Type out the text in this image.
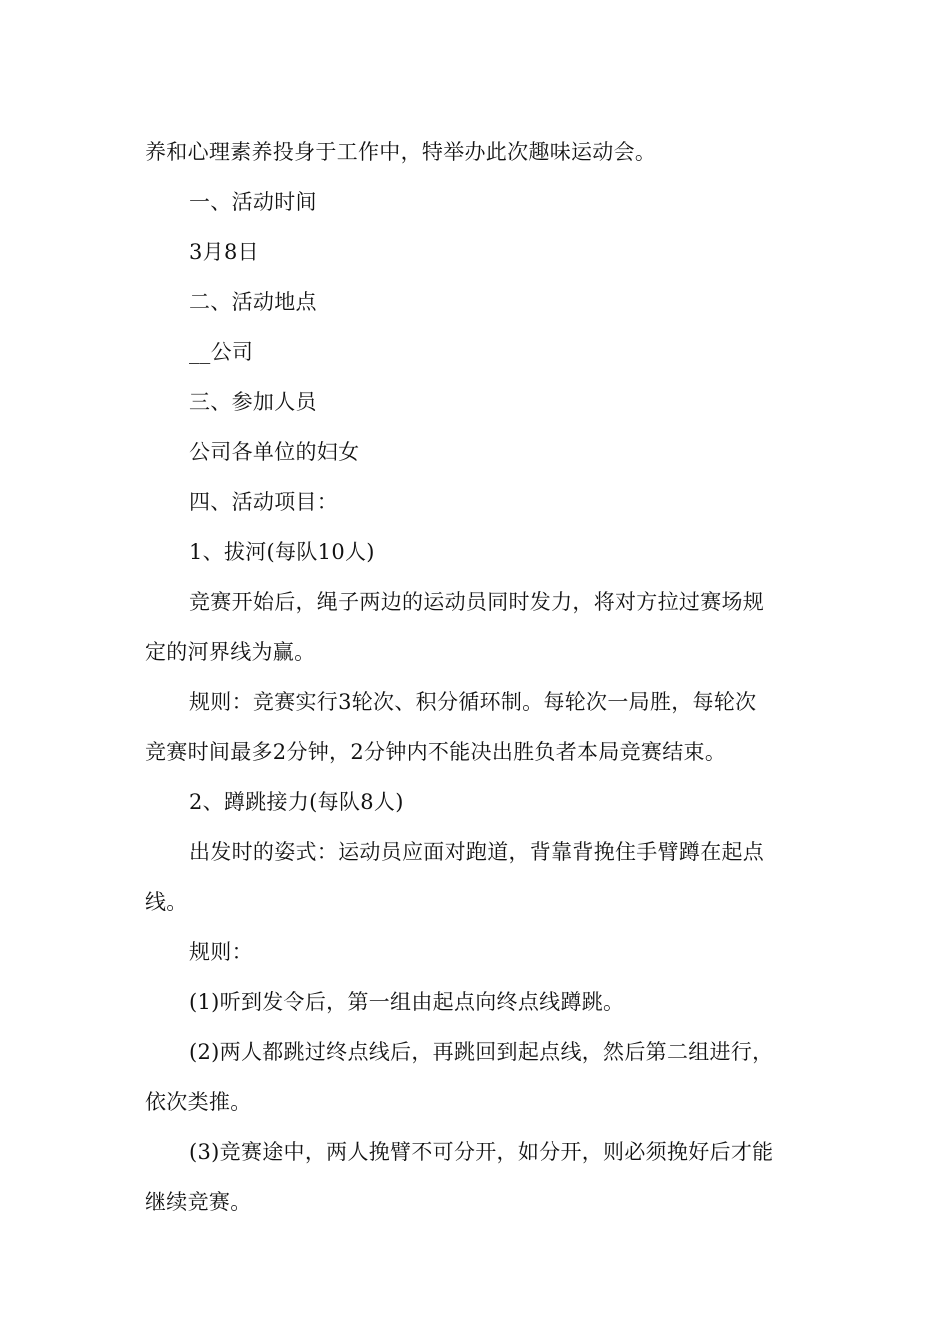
养和心理素养投身于工作中，特举办此次趣味运动会。

一、活动时间

3月8日

二、活动地点

__公司

三、参加人员

公司各单位的妇女

四、活动项目：

1、拔河(每队10人)

竞赛开始后，绳子两边的运动员同时发力，将对方拉过赛场规

定的河界线为赢。

规则：竞赛实行3轮次、积分循环制。每轮次一局胜，每轮次

竞赛时间最多2分钟，2分钟内不能决出胜负者本局竞赛结束。

2、蹲跳接力(每队8人)

出发时的姿式：运动员应面对跑道，背靠背挽住手臂蹲在起点

线。

规则：

(1)听到发令后，第一组由起点向终点线蹲跳。

(2)两人都跳过终点线后，再跳回到起点线，然后第二组进行，

依次类推。

(3)竞赛途中，两人挽臂不可分开，如分开，则必须挽好后才能

继续竞赛。
